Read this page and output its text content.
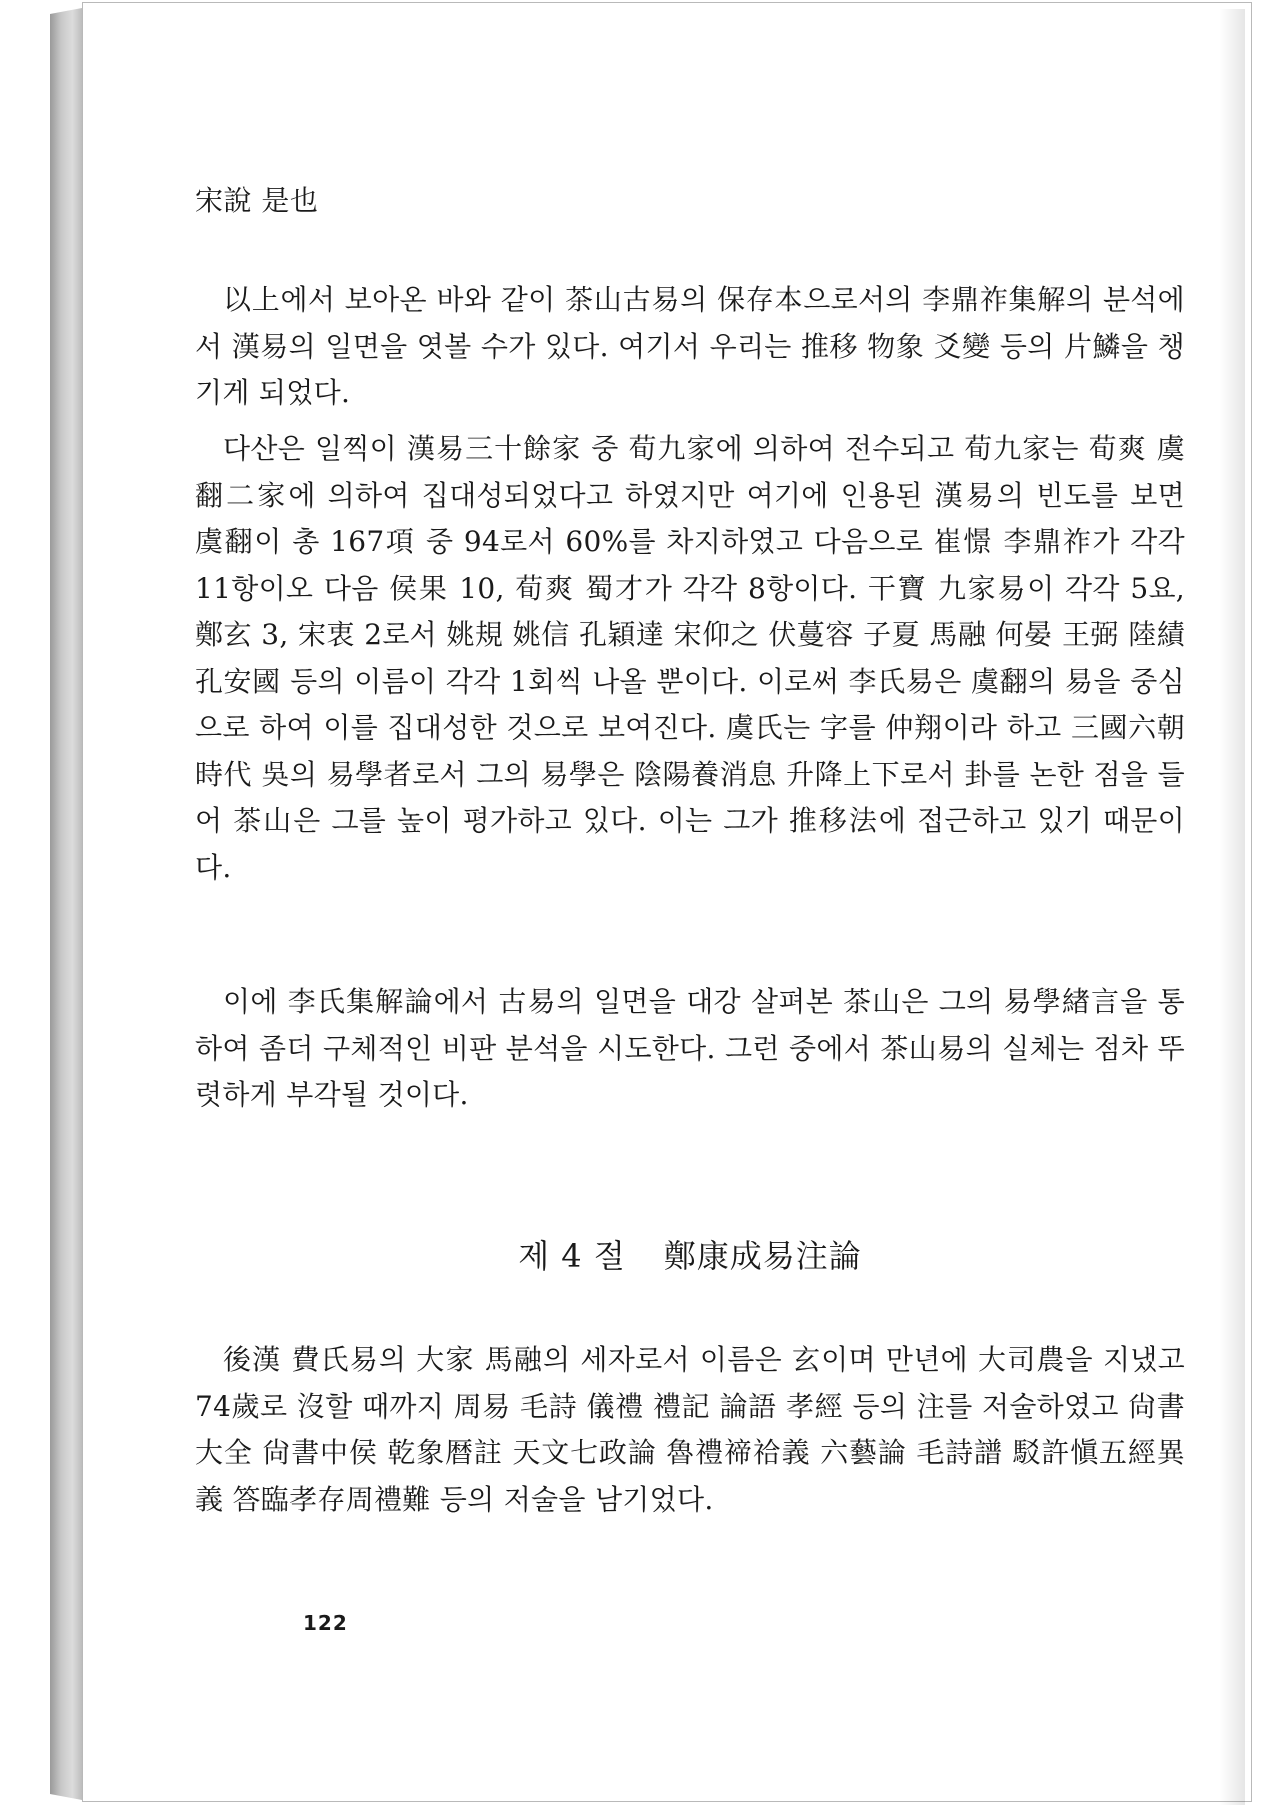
宋說 是也

以上에서 보아온 바와 같이 茶山古易의 保存本으로서의 李鼎祚集解의 분석에서 漢易의 일면을 엿볼 수가 있다. 여기서 우리는 推移 物象 爻變 등의 片鱗을 챙기게 되었다.

다산은 일찍이 漢易三十餘家 중 荀九家에 의하여 전수되고 荀九家는 荀爽 虞翻二家에 의하여 집대성되었다고 하였지만 여기에 인용된 漢易의 빈도를 보면 虞翻이 총 167項 중 94로서 60%를 차지하였고 다음으로 崔憬 李鼎祚가 각각 11항이오 다음 侯果 10, 荀爽 蜀才가 각각 8항이다. 干寶 九家易이 각각 5요, 鄭玄 3, 宋衷 2로서 姚規 姚信 孔穎達 宋仰之 伏蔓容 子夏 馬融 何晏 王弼 陸績 孔安國 등의 이름이 각각 1회씩 나올 뿐이다. 이로써 李氏易은 虞翻의 易을 중심으로 하여 이를 집대성한 것으로 보여진다. 虞氏는 字를 仲翔이라 하고 三國六朝時代 吳의 易學者로서 그의 易學은 陰陽養消息 升降上下로서 卦를 논한 점을 들어 茶山은 그를 높이 평가하고 있다. 이는 그가 推移法에 접근하고 있기 때문이다.

이에 李氏集解論에서 古易의 일면을 대강 살펴본 茶山은 그의 易學緖言을 통하여 좀더 구체적인 비판 분석을 시도한다. 그런 중에서 茶山易의 실체는 점차 뚜렷하게 부각될 것이다.

제 4 절 鄭康成易注論

後漢 費氏易의 大家 馬融의 세자로서 이름은 玄이며 만년에 大司農을 지냈고 74歲로 沒할 때까지 周易 毛詩 儀禮 禮記 論語 孝經 등의 注를 저술하였고 尙書大全 尙書中侯 乾象暦註 天文七政論 魯禮禘祫義 六藝論 毛詩譜 駁許愼五經異義 答臨孝存周禮難 등의 저술을 남기었다.

122
